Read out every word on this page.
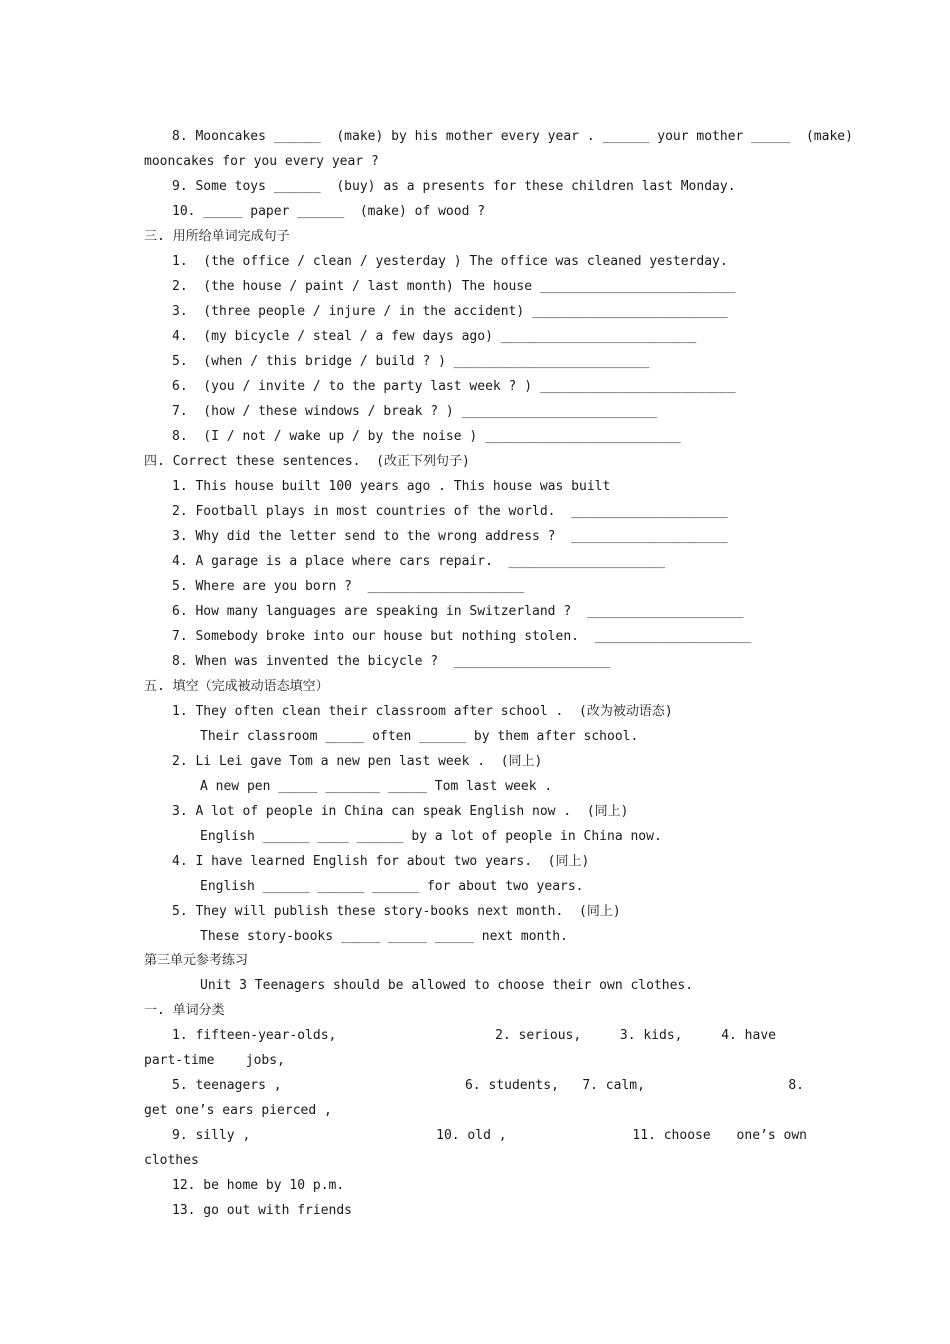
8. Mooncakes ______  (make) by his mother every year . ______ your mother _____  (make)
mooncakes for you every year ?
9. Some toys ______  (buy) as a presents for these children last Monday.
10. _____ paper ______  (make) of wood ?
三. 用所给单词完成句子
1.  (the office / clean / yesterday ) The office was cleaned yesterday.
2.  (the house / paint / last month) The house _________________________
3.  (three people / injure / in the accident) _________________________
4.  (my bicycle / steal / a few days ago) _________________________
5.  (when / this bridge / build ? ) _________________________
6.  (you / invite / to the party last week ? ) _________________________
7.  (how / these windows / break ? ) _________________________
8.  (I / not / wake up / by the noise ) _________________________
四. Correct these sentences.  (改正下列句子)
1. This house built 100 years ago . This house was built
2. Football plays in most countries of the world.  ____________________
3. Why did the letter send to the wrong address ?  ____________________
4. A garage is a place where cars repair.  ____________________
5. Where are you born ?  ____________________
6. How many languages are speaking in Switzerland ?  ____________________
7. Somebody broke into our house but nothing stolen.  ____________________
8. When was invented the bicycle ?  ____________________
五. 填空（完成被动语态填空）
1. They often clean their classroom after school .  (改为被动语态)
Their classroom _____ often ______ by them after school.
2. Li Lei gave Tom a new pen last week .  (同上)
A new pen _____ _______ _____ Tom last week .
3. A lot of people in China can speak English now .  (同上)
English ______ ____ ______ by a lot of people in China now.
4. I have learned English for about two years.  (同上)
English ______ ______ ______ for about two years.
5. They will publish these story-books next month.  (同上)
These story-books _____ _____ _____ next month.
第三单元参考练习
Unit 3 Teenagers should be allowed to choose their own clothes.
一. 单词分类
1. fifteen-year-olds,	2. serious,	3. kids,	4. have
part-time    jobs,
5. teenagers ,	6. students, 7. calm,	8.
get one’s ears pierced ,
9. silly ,	10. old ,	11. choose one’s own
clothes
12. be home by 10 p.m.
13. go out with friends
